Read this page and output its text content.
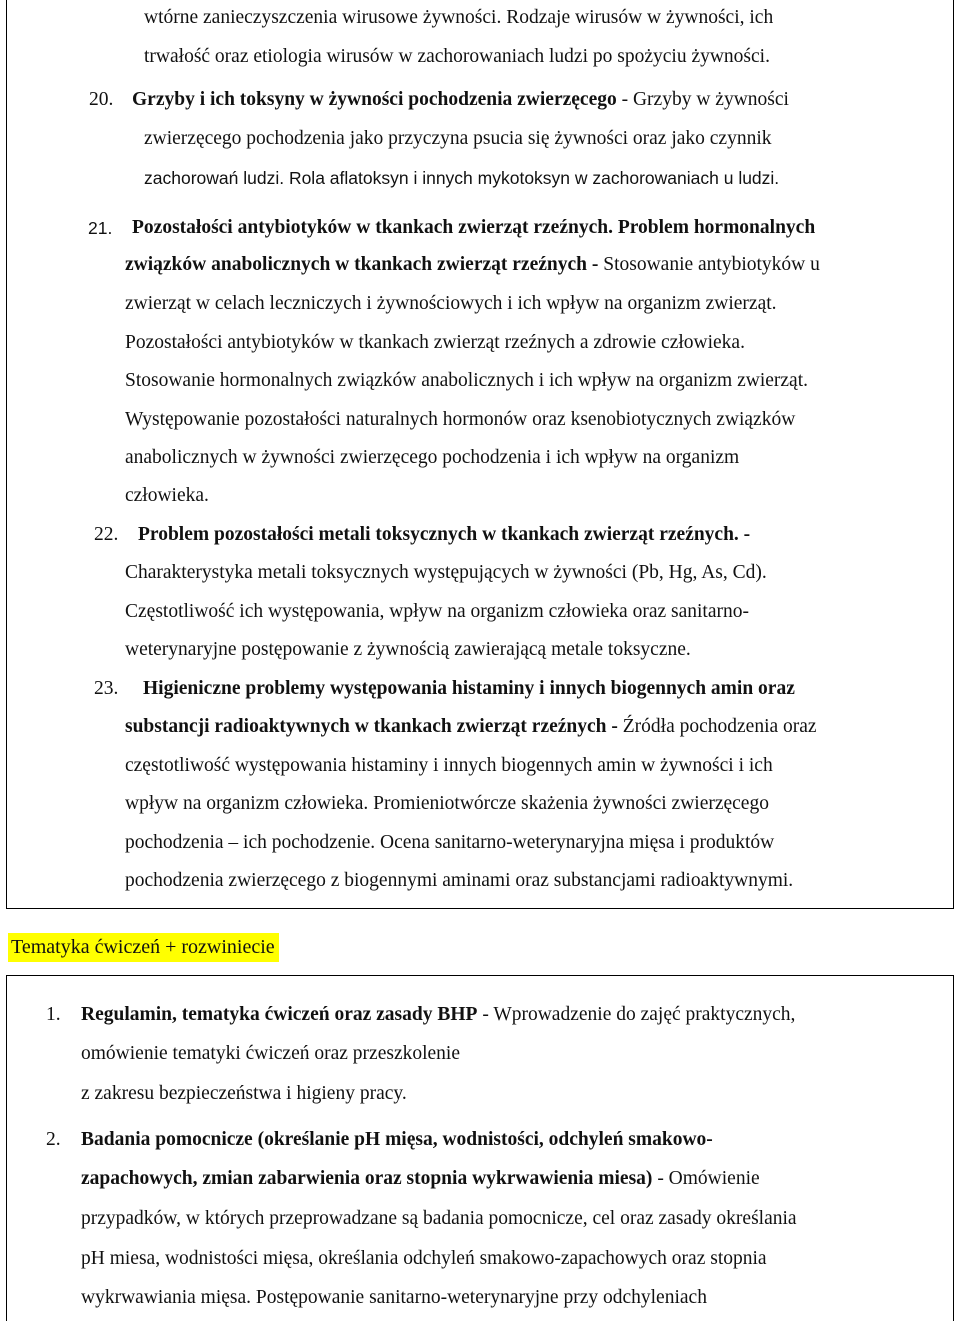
wtórne zanieczyszczenia wirusowe żywności. Rodzaje wirusów w żywności, ich
trwałość oraz etiologia wirusów w zachorowaniach ludzi po spożyciu żywności.
20. Grzyby i ich toksyny w żywności pochodzenia zwierzęcego - Grzyby w żywności
zwierzęcego pochodzenia jako przyczyna psucia się żywności oraz jako czynnik
zachorowań ludzi. Rola aflatoksyn i innych mykotoksyn w zachorowaniach u ludzi.
21. Pozostałości antybiotyków w tkankach zwierząt rzeźnych. Problem hormonalnych
związków anabolicznych w tkankach zwierząt rzeźnych - Stosowanie antybiotyków u
zwierząt w celach leczniczych i żywnościowych i ich wpływ na organizm zwierząt.
Pozostałości antybiotyków w tkankach zwierząt rzeźnych a zdrowie człowieka.
Stosowanie hormonalnych związków anabolicznych i ich wpływ na organizm zwierząt.
Występowanie pozostałości naturalnych hormonów oraz ksenobiotycznych związków
anabolicznych w żywności zwierzęcego pochodzenia i ich wpływ na organizm
człowieka.
22. Problem pozostałości metali toksycznych w tkankach zwierząt rzeźnych. -
Charakterystyka metali toksycznych występujących w żywności (Pb, Hg, As, Cd).
Częstotliwość ich występowania, wpływ na organizm człowieka oraz sanitarno-
weterynaryjne postępowanie z żywnością zawierającą metale toksyczne.
23. Higieniczne problemy występowania histaminy i innych biogennych amin oraz
substancji radioaktywnych w tkankach zwierząt rzeźnych - Źródła pochodzenia oraz
częstotliwość występowania histaminy i innych biogennych amin w żywności i ich
wpływ na organizm człowieka. Promieniotwórcze skażenia żywności zwierzęcego
pochodzenia – ich pochodzenie. Ocena sanitarno-weterynaryjna mięsa i produktów
pochodzenia zwierzęcego z biogennymi aminami oraz substancjami radioaktywnymi.
Tematyka ćwiczeń + rozwiniecie
1. Regulamin, tematyka ćwiczeń oraz zasady BHP - Wprowadzenie do zajęć praktycznych,
omówienie tematyki ćwiczeń oraz przeszkolenie
z zakresu bezpieczeństwa i higieny pracy.
2. Badania pomocnicze (określanie pH mięsa, wodnistości, odchyleń smakowo-
zapachowych, zmian zabarwienia oraz stopnia wykrwawienia miesa) - Omówienie
przypadków, w których przeprowadzane są badania pomocnicze, cel oraz zasady określania
pH miesa, wodnistości mięsa, określania odchyleń smakowo-zapachowych oraz stopnia
wykrwawiania mięsa. Postępowanie sanitarno-weterynaryjne przy odchyleniach
